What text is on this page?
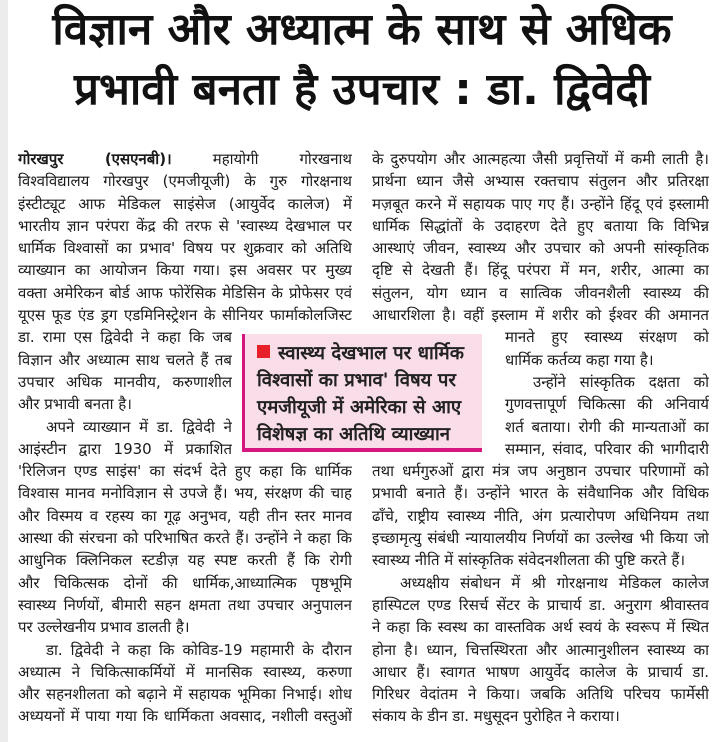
विज्ञान और अध्यात्म के साथ से अधिक
प्रभावी बनता है उपचार : डा. द्विवेदी
गोरखपुर (एसएनबी)।	महायोगी गोरखनाथ
विश्वविद्यालय गोरखपुर (एमजीयूजी) के गुरु गोरक्षनाथ
इंस्टीट्यूट आफ मेडिकल साइंसेज (आयुर्वेद कालेज) में
भारतीय ज्ञान परंपरा केंद्र की तरफ से 'स्वास्थ्य देखभाल पर
धार्मिक विश्वासों का प्रभाव' विषय पर शुक्रवार को अतिथि
व्याख्यान का आयोजन किया गया। इस अवसर पर मुख्य
वक्ता अमेरिकन बोर्ड आफ फोरेंसिक मेडिसिन के प्रोफेसर एवं
यूएस फूड एंड ड्रग एडमिनिस्ट्रेशन के सीनियर फार्माकोलजिस्ट
डा. रामा एस द्विवेदी ने कहा कि जब
विज्ञान और अध्यात्म साथ चलते हैं तब
उपचार अधिक मानवीय, करुणाशील
और प्रभावी बनता है।
अपने व्याख्यान में डा. द्विवेदी ने
आइंस्टीन द्वारा 1930 में प्रकाशित
'रिलिजन एण्ड साइंस' का संदर्भ देते हुए कहा कि धार्मिक
विश्वास मानव मनोविज्ञान से उपजे हैं। भय, संरक्षण की चाह
और विस्मय व रहस्य का गूढ़ अनुभव, यही तीन स्तर मानव
आस्था की संरचना को परिभाषित करते हैं। उन्होंने ने कहा कि
आधुनिक क्लिनिकल स्टडीज़ यह स्पष्ट करती हैं कि रोगी
और चिकित्सक दोनों की धार्मिक,आध्यात्मिक पृष्ठभूमि
स्वास्थ्य निर्णयों, बीमारी सहन क्षमता तथा उपचार अनुपालन
पर उल्लेखनीय प्रभाव डालती है।
डा. द्विवेदी ने कहा कि कोविड-19 महामारी के दौरान
अध्यात्म ने चिकित्साकर्मियों में मानसिक स्वास्थ्य, करुणा
और सहनशीलता को बढ़ाने में सहायक भूमिका निभाई। शोध
अध्ययनों में पाया गया कि धार्मिकता अवसाद, नशीली वस्तुओं
के दुरुपयोग और आत्महत्या जैसी प्रवृत्तियों में कमी लाती है।
प्रार्थना ध्यान जैसे अभ्यास रक्तचाप संतुलन और प्रतिरक्षा
मज़बूत करने में सहायक पाए गए हैं। उन्होंने हिंदू एवं इस्लामी
धार्मिक सिद्धांतों के उदाहरण देते हुए बताया कि विभिन्न
आस्थाएं जीवन, स्वास्थ्य और उपचार को अपनी सांस्कृतिक
दृष्टि से देखती हैं। हिंदू परंपरा में मन, शरीर, आत्मा का
संतुलन, योग ध्यान व सात्विक जीवनशैली स्वास्थ्य की
आधारशिला है। वहीं इस्लाम में शरीर को ईश्वर की अमानत
मानते हुए स्वास्थ्य संरक्षण को
धार्मिक कर्तव्य कहा गया है।
उन्होंने सांस्कृतिक दक्षता को
गुणवत्तापूर्ण चिकित्सा की अनिवार्य
शर्त बताया। रोगी की मान्यताओं का
सम्मान, संवाद, परिवार की भागीदारी
तथा धर्मगुरुओं द्वारा मंत्र जप अनुष्ठान उपचार परिणामों को
प्रभावी बनाते हैं। उन्होंने भारत के संवैधानिक और विधिक
ढाँचे, राष्ट्रीय स्वास्थ्य नीति, अंग प्रत्यारोपण अधिनियम तथा
इच्छामृत्यु संबंधी न्यायालयीय निर्णयों का उल्लेख भी किया जो
स्वास्थ्य नीति में सांस्कृतिक संवेदनशीलता की पुष्टि करते हैं।
अध्यक्षीय संबोधन में श्री गोरक्षनाथ मेडिकल कालेज
हास्पिटल एण्ड रिसर्च सेंटर के प्राचार्य डा. अनुराग श्रीवास्तव
ने कहा कि स्वस्थ का वास्तविक अर्थ स्वयं के स्वरूप में स्थित
होना है। ध्यान, चित्तस्थिरता और आत्मानुशीलन स्वास्थ्य का
आधार हैं। स्वागत भाषण आयुर्वेद कालेज के प्राचार्य डा.
गिरिधर वेदांतम ने किया। जबकि अतिथि परिचय फार्मेसी
संकाय के डीन डा. मधुसूदन पुरोहित ने कराया।
स्वास्थ्य देखभाल पर धार्मिक
विश्वासों का प्रभाव' विषय पर
एमजीयूजी में अमेरिका से आए
विशेषज्ञ का अतिथि व्याख्यान
